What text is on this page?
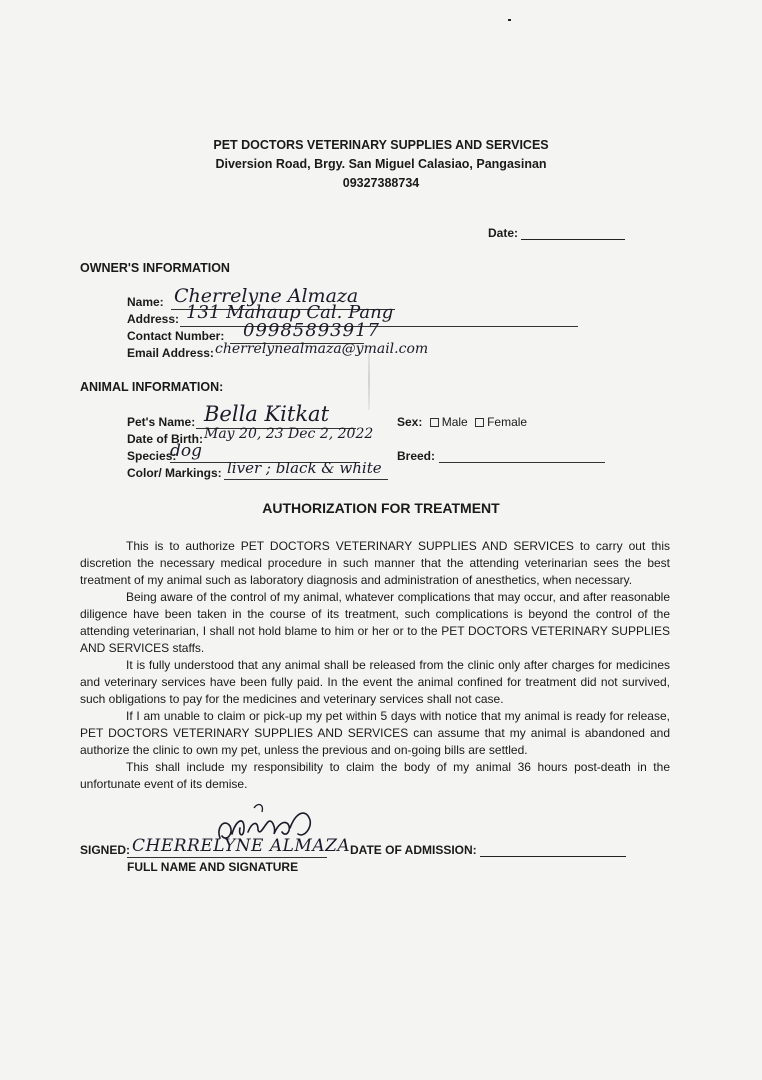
PET DOCTORS VETERINARY SUPPLIES AND SERVICES
Diversion Road, Brgy. San Miguel Calasiao, Pangasinan
09327388734
Date:
OWNER'S INFORMATION
Name: Cherrelyne Almaza
Address: 131 Mahaup Cal. Pang
Contact Number: 09985893917
Email Address: cherrelynealmaza@ymail.com
ANIMAL INFORMATION:
Pet's Name: Bella Kitkat
Date of Birth: May 20, 23 Dec 2, 2022
Species:
dog
Color/ Markings: liver ; black & white
Sex: Male Female
Breed:
AUTHORIZATION FOR TREATMENT

This is to authorize PET DOCTORS VETERINARY SUPPLIES AND SERVICES to carry out this discretion the necessary medical procedure in such manner that the attending veterinarian sees the best treatment of my animal such as laboratory diagnosis and administration of anesthetics, when necessary.

Being aware of the control of my animal, whatever complications that may occur, and after reasonable diligence have been taken in the course of its treatment, such complications is beyond the control of the attending veterinarian, I shall not hold blame to him or her or to the PET DOCTORS VETERINARY SUPPLIES AND SERVICES staffs.

It is fully understood that any animal shall be released from the clinic only after charges for medicines and veterinary services have been fully paid. In the event the animal confined for treatment did not survived, such obligations to pay for the medicines and veterinary services shall not case.

If I am unable to claim or pick-up my pet within 5 days with notice that my animal is ready for release, PET DOCTORS VETERINARY SUPPLIES AND SERVICES can assume that my animal is abandoned and authorize the clinic to own my pet, unless the previous and on-going bills are settled.

This shall include my responsibility to claim the body of my animal 36 hours post-death in the unfortunate event of its demise.

SIGNED: CHERRELYNE ALMAZA
FULL NAME AND SIGNATURE
DATE OF ADMISSION:
